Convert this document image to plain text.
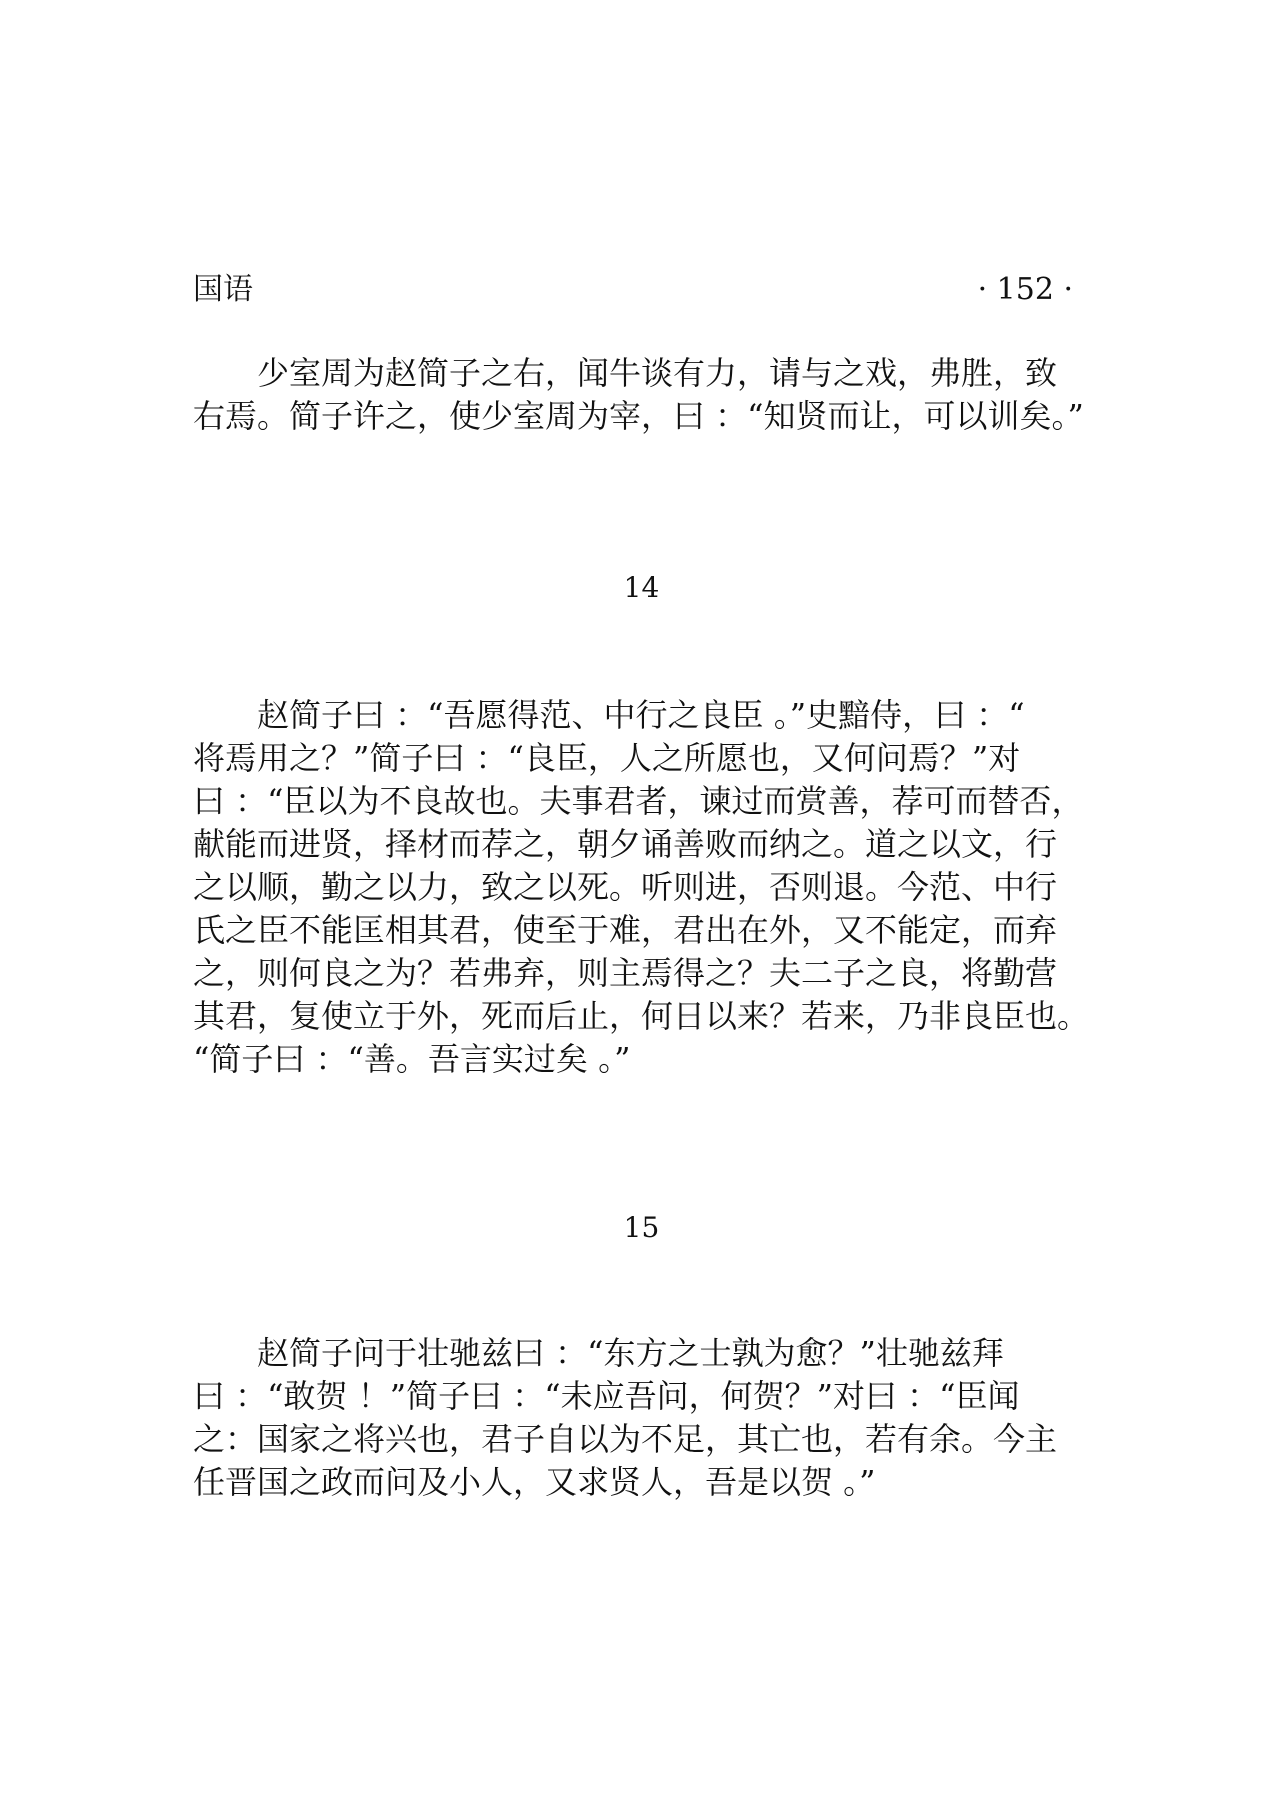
国语	· 152 ·
少室周为赵简子之右，闻牛谈有力，请与之戏，弗胜，致
右焉。简子许之，使少室周为宰，曰 ：“知贤而让，可以训矣。”
14
赵简子曰 ：“吾愿得范、中行之良臣 。”史黯侍，曰 ：“
将焉用之？”简子曰 ：“良臣，人之所愿也，又何问焉？”对
曰 ：“臣以为不良故也。夫事君者，谏过而赏善，荐可而替否，
献能而进贤，择材而荐之，朝夕诵善败而纳之。道之以文，行
之以顺，勤之以力，致之以死。听则进，否则退。今范、中行
氏之臣不能匡相其君，使至于难，君出在外，又不能定，而弃
之，则何良之为？若弗弃，则主焉得之？夫二子之良，将勤营
其君，复使立于外，死而后止，何日以来？若来，乃非良臣也。
“简子曰 ：“善。吾言实过矣 。”
15
赵简子问于壮驰兹曰 ：“东方之士孰为愈？”壮驰兹拜
曰 ：“敢贺 ！”简子曰 ：“未应吾问，何贺？”对曰 ：“臣闻
之：国家之将兴也，君子自以为不足，其亡也，若有余。今主
任晋国之政而问及小人，又求贤人，吾是以贺 。”
